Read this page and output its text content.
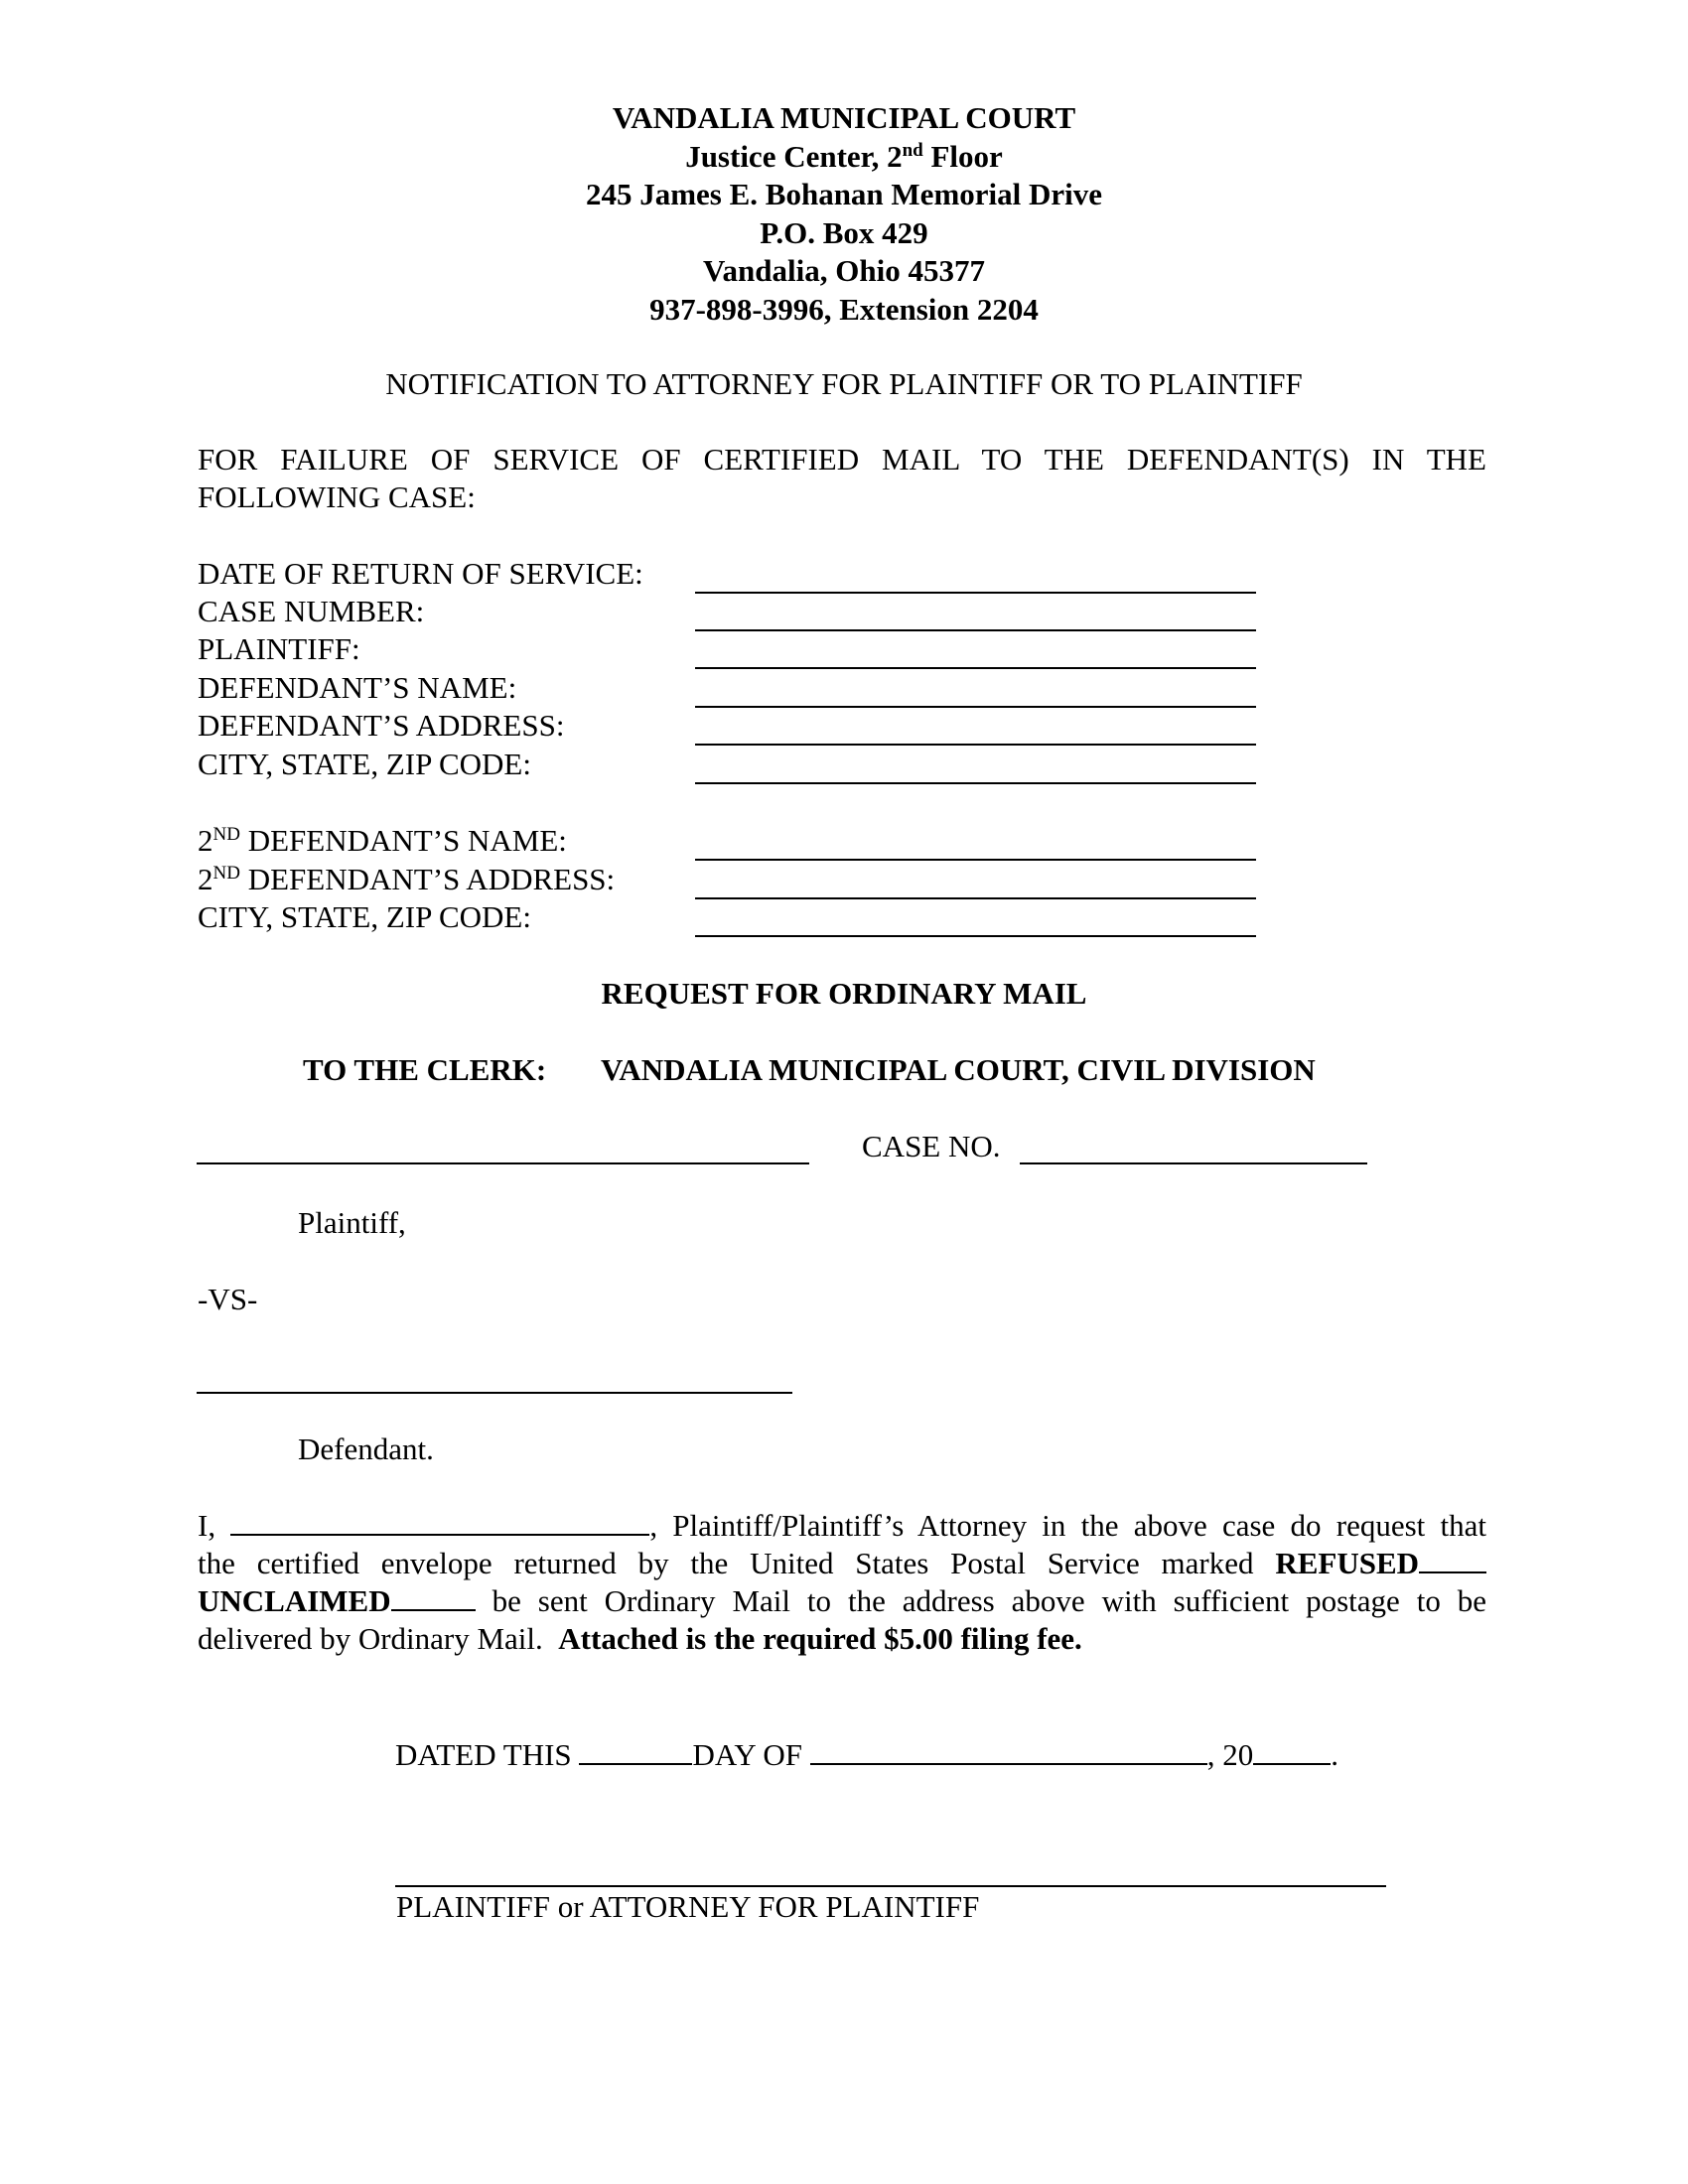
VANDALIA MUNICIPAL COURT
Justice Center, 2nd Floor
245 James E. Bohanan Memorial Drive
P.O. Box 429
Vandalia, Ohio 45377
937-898-3996, Extension 2204
NOTIFICATION TO ATTORNEY FOR PLAINTIFF OR TO PLAINTIFF
FOR FAILURE OF SERVICE OF CERTIFIED MAIL TO THE DEFENDANT(S) IN THE
FOLLOWING CASE:
DATE OF RETURN OF SERVICE:
CASE NUMBER:
PLAINTIFF:
DEFENDANT’S NAME:
DEFENDANT’S ADDRESS:
CITY, STATE, ZIP CODE:
2ND DEFENDANT’S NAME:
2ND DEFENDANT’S ADDRESS:
CITY, STATE, ZIP CODE:
REQUEST FOR ORDINARY MAIL
TO THE CLERK: VANDALIA MUNICIPAL COURT, CIVIL DIVISION
CASE NO.
Plaintiff,
-VS-
Defendant.
I,	, Plaintiff/Plaintiff’s Attorney in the above case do request that
the certified envelope returned by the United States Postal Service marked REFUSED
UNCLAIMED	be sent Ordinary Mail to the address above with sufficient postage to be
delivered by Ordinary Mail. Attached is the required $5.00 filing fee.
DATED THIS	DAY OF	, 20	.
PLAINTIFF or ATTORNEY FOR PLAINTIFF
